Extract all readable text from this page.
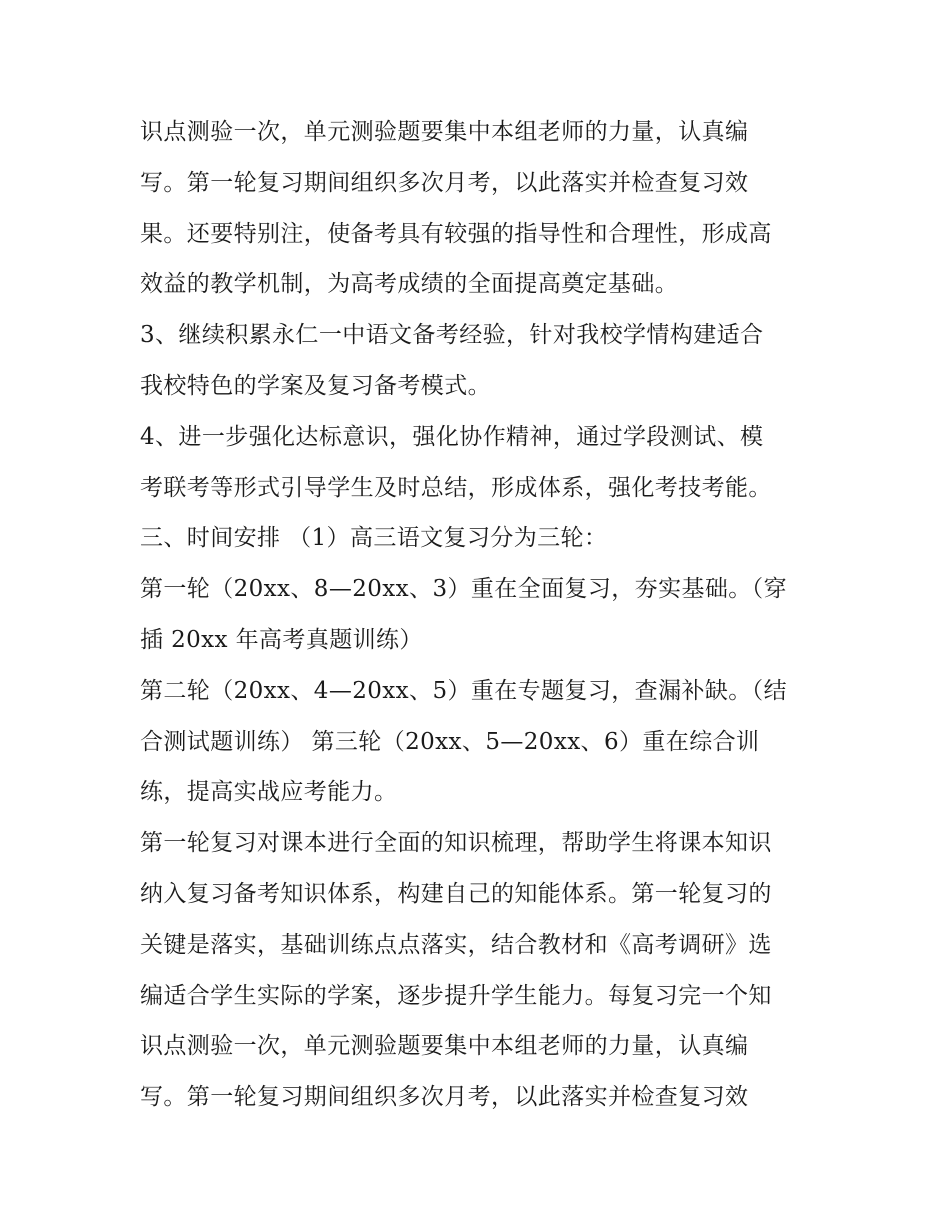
识点测验一次，单元测验题要集中本组老师的力量，认真编
写。第一轮复习期间组织多次月考，以此落实并检查复习效
果。还要特别注，使备考具有较强的指导性和合理性，形成高
效益的教学机制，为高考成绩的全面提高奠定基础。
3、继续积累永仁一中语文备考经验，针对我校学情构建适合
我校特色的学案及复习备考模式。
4、进一步强化达标意识，强化协作精神，通过学段测试、模
考联考等形式引导学生及时总结，形成体系，强化考技考能。
三、时间安排 （1）高三语文复习分为三轮：
第一轮（20xx、8—20xx、3）重在全面复习，夯实基础。（穿
插 20xx 年高考真题训练）
第二轮（20xx、4—20xx、5）重在专题复习，查漏补缺。（结
合测试题训练） 第三轮（20xx、5—20xx、6）重在综合训
练，提高实战应考能力。
第一轮复习对课本进行全面的知识梳理，帮助学生将课本知识
纳入复习备考知识体系，构建自己的知能体系。第一轮复习的
关键是落实，基础训练点点落实，结合教材和《高考调研》选
编适合学生实际的学案，逐步提升学生能力。每复习完一个知
识点测验一次，单元测验题要集中本组老师的力量，认真编
写。第一轮复习期间组织多次月考，以此落实并检查复习效
